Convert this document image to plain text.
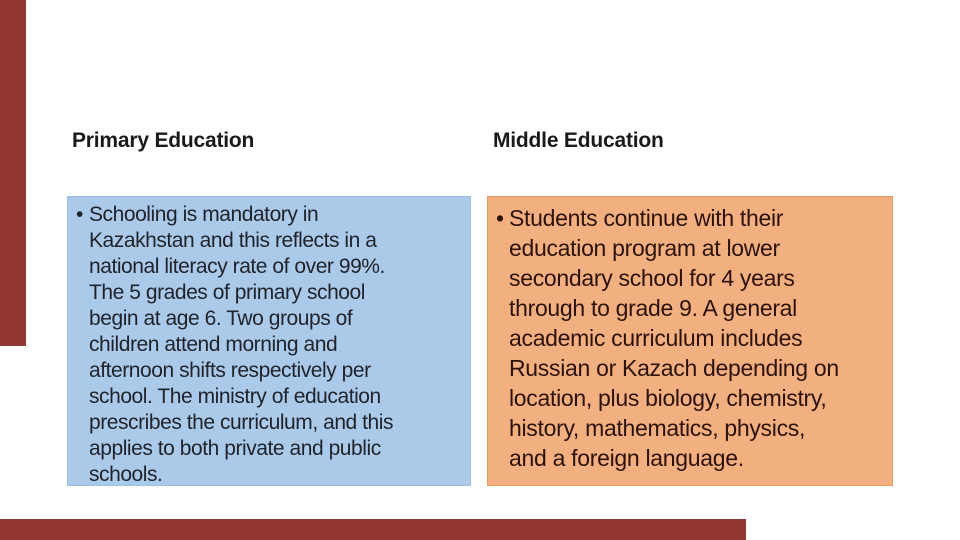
Primary Education	Middle Education
• Schooling is mandatory in
Kazakhstan and this reflects in a
national literacy rate of over 99%.
The 5 grades of primary school
begin at age 6. Two groups of
children attend morning and
afternoon shifts respectively per
school. The ministry of education
prescribes the curriculum, and this
applies to both private and public
schools.
• Students continue with their
education program at lower
secondary school for 4 years
through to grade 9. A general
academic curriculum includes
Russian or Kazach depending on
location, plus biology, chemistry,
history, mathematics, physics,
and a foreign language.
